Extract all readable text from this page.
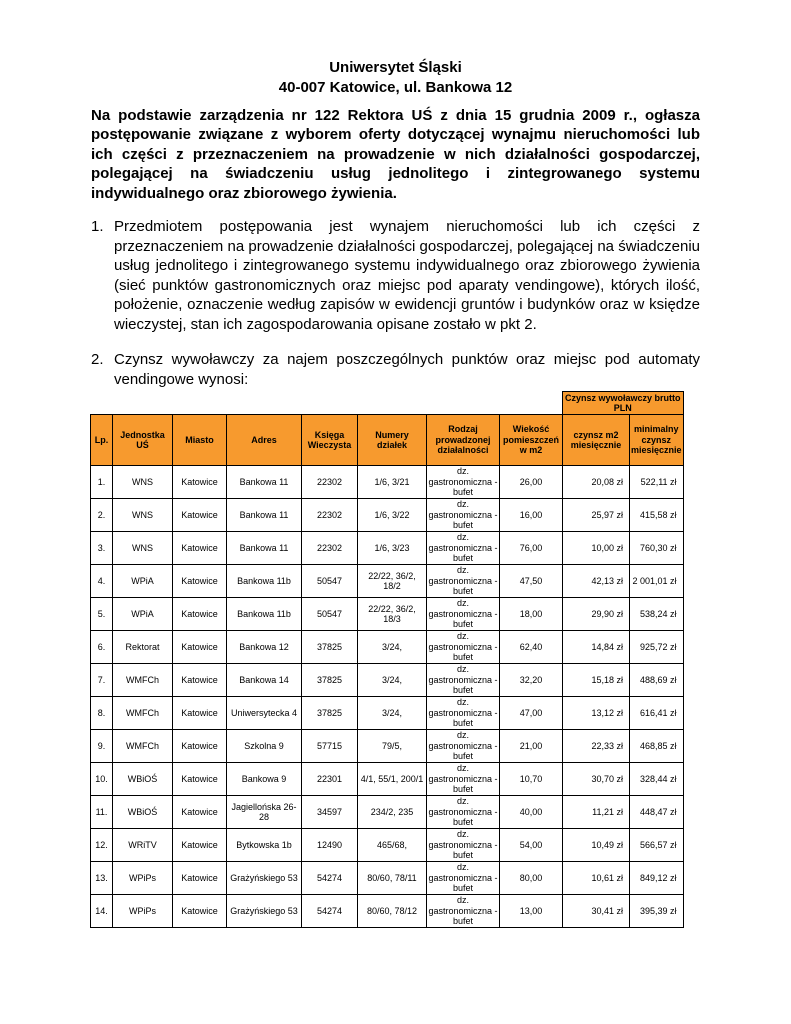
Uniwersytet Śląski
40-007 Katowice, ul. Bankowa 12
Na podstawie zarządzenia nr 122 Rektora UŚ z dnia 15 grudnia 2009 r., ogłasza postępowanie związane z wyborem oferty dotyczącej wynajmu nieruchomości lub ich części z przeznaczeniem na prowadzenie w nich działalności gospodarczej, polegającej na świadczeniu usług jednolitego i zintegrowanego systemu indywidualnego oraz zbiorowego żywienia.
1. Przedmiotem postępowania jest wynajem nieruchomości lub ich części z przeznaczeniem na prowadzenie działalności gospodarczej, polegającej na świadczeniu usług jednolitego i zintegrowanego systemu indywidualnego oraz zbiorowego żywienia (sieć punktów gastronomicznych oraz miejsc pod aparaty vendingowe), których ilość, położenie, oznaczenie według zapisów w ewidencji gruntów i budynków oraz w księdze wieczystej, stan ich zagospodarowania opisane zostało w pkt 2.
2. Czynsz wywoławczy za najem poszczególnych punktów oraz miejsc pod automaty vendingowe wynosi:
								Czynsz wywoławczy brutto PLN	
Lp.	Jednostka UŚ	Miasto	Adres	Księga Wieczysta	Numery działek	Rodzaj prowadzonej działalności	Wiekość pomieszczeń w m2	czynsz m2 miesięcznie	minimalny czynsz miesięcznie
1.	WNS	Katowice	Bankowa 11	22302	1/6, 3/21	dz. gastronomiczna - bufet	26,00	20,08 zł	522,11 zł
2.	WNS	Katowice	Bankowa 11	22302	1/6, 3/22	dz. gastronomiczna - bufet	16,00	25,97 zł	415,58 zł
3.	WNS	Katowice	Bankowa 11	22302	1/6, 3/23	dz. gastronomiczna - bufet	76,00	10,00 zł	760,30 zł
4.	WPiA	Katowice	Bankowa 11b	50547	22/22, 36/2, 18/2	dz. gastronomiczna - bufet	47,50	42,13 zł	2 001,01 zł
5.	WPiA	Katowice	Bankowa 11b	50547	22/22, 36/2, 18/3	dz. gastronomiczna - bufet	18,00	29,90 zł	538,24 zł
6.	Rektorat	Katowice	Bankowa 12	37825	3/24,	dz. gastronomiczna - bufet	62,40	14,84 zł	925,72 zł
7.	WMFCh	Katowice	Bankowa 14	37825	3/24,	dz. gastronomiczna - bufet	32,20	15,18 zł	488,69 zł
8.	WMFCh	Katowice	Uniwersytecka 4	37825	3/24,	dz. gastronomiczna - bufet	47,00	13,12 zł	616,41 zł
9.	WMFCh	Katowice	Szkolna 9	57715	79/5,	dz. gastronomiczna - bufet	21,00	22,33 zł	468,85 zł
10.	WBiOŚ	Katowice	Bankowa 9	22301	4/1, 55/1, 200/1	dz. gastronomiczna - bufet	10,70	30,70 zł	328,44 zł
11.	WBiOŚ	Katowice	Jagiellońska 26-28	34597	234/2, 235	dz. gastronomiczna - bufet	40,00	11,21 zł	448,47 zł
12.	WRiTV	Katowice	Bytkowska 1b	12490	465/68,	dz. gastronomiczna - bufet	54,00	10,49 zł	566,57 zł
13.	WPiPs	Katowice	Grażyńskiego 53	54274	80/60, 78/11	dz. gastronomiczna - bufet	80,00	10,61 zł	849,12 zł
14.	WPiPs	Katowice	Grażyńskiego 53	54274	80/60, 78/12	dz. gastronomiczna - bufet	13,00	30,41 zł	395,39 zł
